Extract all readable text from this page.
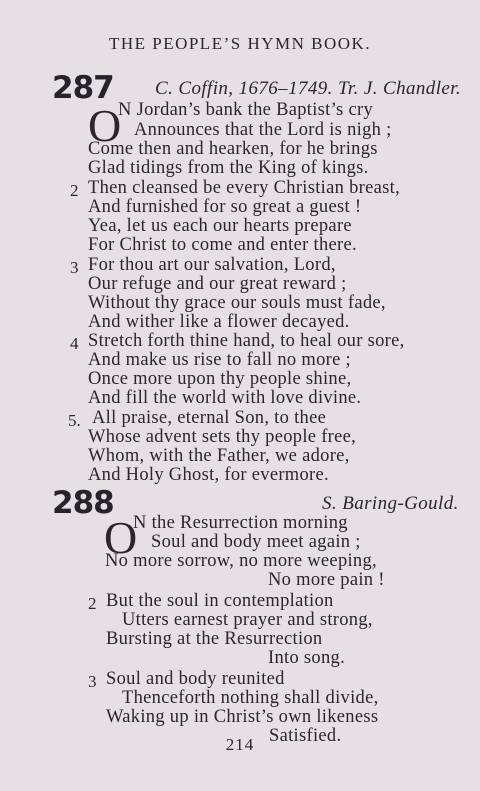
THE PEOPLE’S HYMN BOOK.
287 C. Coffin, 1676–1749. Tr. J. Chandler.
O
N Jordan’s bank the Baptist’s cry
Announces that the Lord is nigh ;
Come then and hearken, for he brings
Glad tidings from the King of kings.
2 Then cleansed be every Christian breast,
And furnished for so great a guest !
Yea, let us each our hearts prepare
For Christ to come and enter there.
3 For thou art our salvation, Lord,
Our refuge and our great reward ;
Without thy grace our souls must fade,
And wither like a flower decayed.
4 Stretch forth thine hand, to heal our sore,
And make us rise to fall no more ;
Once more upon thy people shine,
And fill the world with love divine.
5. All praise, eternal Son, to thee
Whose advent sets thy people free,
Whom, with the Father, we adore,
And Holy Ghost, for evermore.
288	S. Baring-Gould.
O
N the Resurrection morning
Soul and body meet again ;
No more sorrow, no more weeping,
No more pain !
2 But the soul in contemplation
Utters earnest prayer and strong,
Bursting at the Resurrection
Into song.
3 Soul and body reunited
Thenceforth nothing shall divide,
Waking up in Christ’s own likeness
Satisfied.
214
